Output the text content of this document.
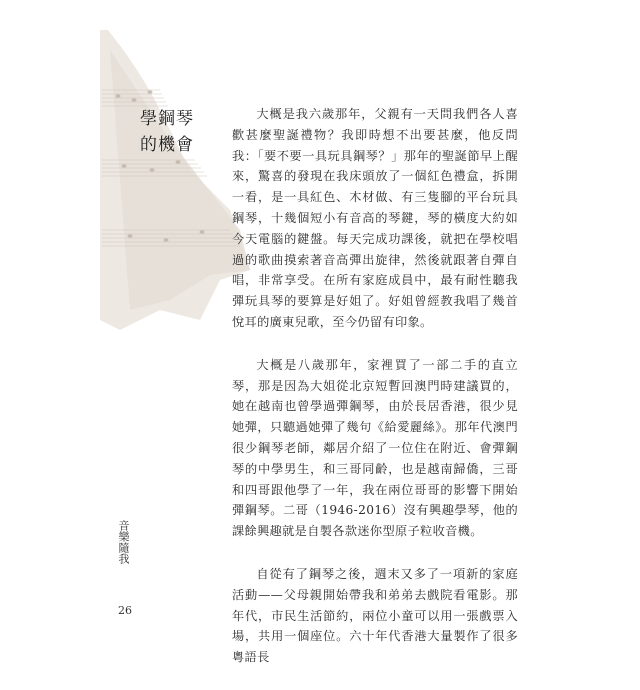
學鋼琴
的機會

大概是我六歲那年，父親有一天問我們各人喜歡甚麼聖誕禮物？我即時想不出要甚麼，他反問我：「要不要一具玩具鋼琴？」那年的聖誕節早上醒來，驚喜的發現在我床頭放了一個紅色禮盒，拆開一看，是一具紅色、木材做、有三隻腳的平台玩具鋼琴，十幾個短小有音高的琴鍵，琴的橫度大約如今天電腦的鍵盤。每天完成功課後，就把在學校唱過的歌曲摸索著音高彈出旋律，然後就跟著自彈自唱，非常享受。在所有家庭成員中，最有耐性聽我彈玩具琴的要算是好姐了。好姐曾經教我唱了幾首悅耳的廣東兒歌，至今仍留有印象。

大概是八歲那年，家裡買了一部二手的直立琴，那是因為大姐從北京短暫回澳門時建議買的，她在越南也曾學過彈鋼琴，由於長居香港，很少見她彈，只聽過她彈了幾句《給愛麗絲》。那年代澳門很少鋼琴老師，鄰居介紹了一位住在附近、會彈鋼琴的中學男生，和三哥同齡，也是越南歸僑，三哥和四哥跟他學了一年，我在兩位哥哥的影響下開始彈鋼琴。二哥（1946-2016）沒有興趣學琴，他的課餘興趣就是自製各款迷你型原子粒收音機。

自從有了鋼琴之後，週末又多了一項新的家庭活動——父母親開始帶我和弟弟去戲院看電影。那年代，市民生活節約，兩位小童可以用一張戲票入場，共用一個座位。六十年代香港大量製作了很多粵語長

音樂隨我
26
